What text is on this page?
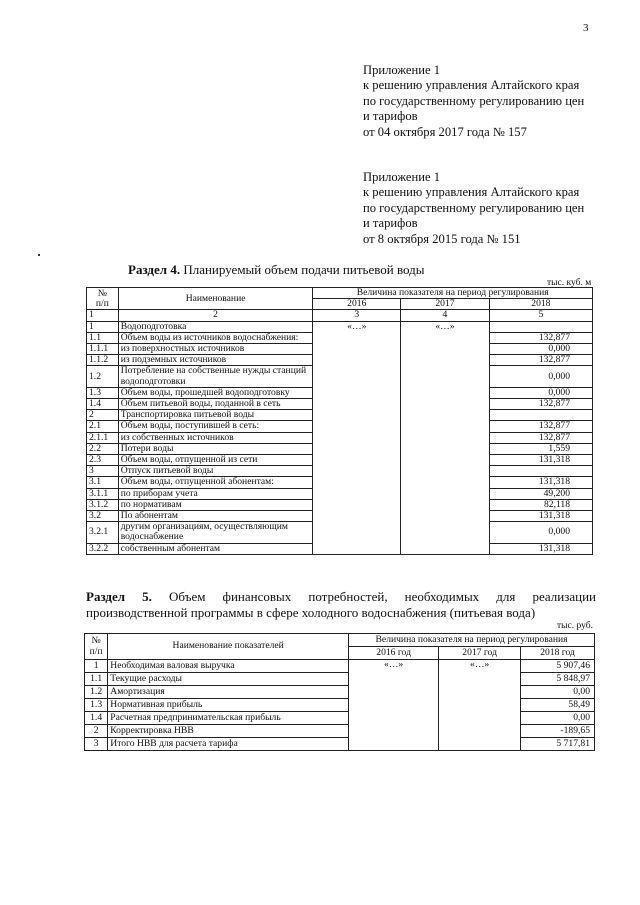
3
Приложение 1
к решению управления Алтайского края
по государственному регулированию цен
и тарифов
от 04 октября 2017 года № 157
Приложение 1
к решению управления Алтайского края
по государственному регулированию цен
и тарифов
от 8 октября 2015 года № 151
Раздел 4. Планируемый объем подачи питьевой воды
тыс. куб. м
№
п/п	Наименование	Величина показателя на период регулирования		
		2016	2017	2018
1	2	3	4	5
1	Водоподготовка	«…»	«…»	

1.1	Объем воды из источников водоснабжения:			132,877
1.1.1	из поверхностных источников			0,000
1.1.2	из подземных источников			132,877
1.2	Потребление на собственные нужды станций водоподготовки			0,000
1.3	Объем воды, прошедшей водоподготовку			0,000
1.4	Объем питьевой воды, поданной в сеть			132,877
2	Транспортировка питьевой воды			
2.1	Объем воды, поступившей в сеть:			132,877
2.1.1	из собственных источников			132,877
2.2	Потери воды			1,559
2.3	Объем воды, отпущенной из сети			131,318
3	Отпуск питьевой воды			
3.1	Объем воды, отпущенной абонентам:			131,318
3.1.1	по приборам учета			49,200
3.1.2	по нормативам			82,118
3.2	По абонентам			131,318
3.2.1	другим организациям, осуществляющим водоснабжение			0,000
3.2.2	собственным абонентам			131,318
Раздел 5. Объем финансовых потребностей, необходимых для реализации производственной программы в сфере холодного водоснабжения (питьевая вода)
тыс. руб.
№
п/п	Наименование показателей	Величина показателя на период регулирования		
		2016 год	2017 год	2018 год
1	Необходимая валовая выручка	«…»	«…»	5 907,46
1.1	Текущие расходы			5 848,97
1.2	Амортизация			0,00
1.3	Нормативная прибыль			58,49
1.4	Расчетная предпринимательская прибыль			0,00
2	Корректировка НВВ			-189,65
3	Итого НВВ для расчета тарифа			5 717,81
